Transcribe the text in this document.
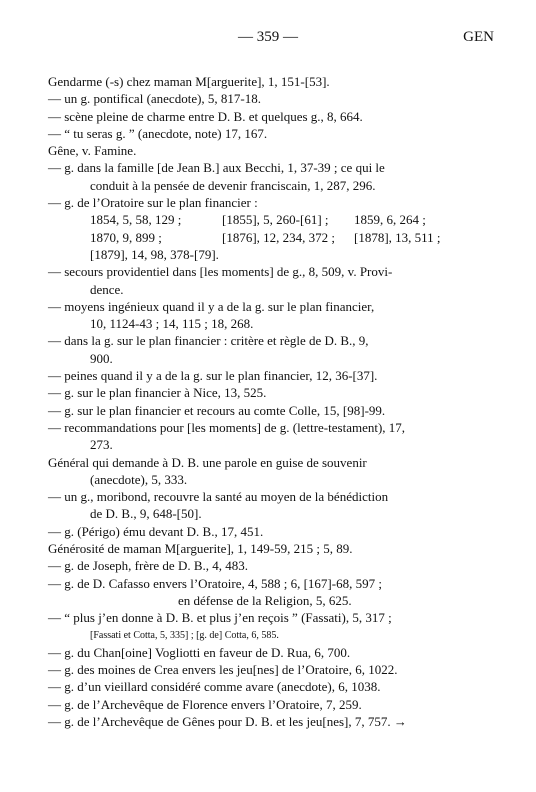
— 359 —	GEN
Gendarme (-s) chez maman M[arguerite], 1, 151-[53].
— un g. pontifical (anecdote), 5, 817-18.
— scène pleine de charme entre D. B. et quelques g., 8, 664.
— “ tu seras g. ” (anecdote, note) 17, 167.
Gêne, v. Famine.
— g. dans la famille [de Jean B.] aux Becchi, 1, 37-39 ; ce qui le
conduit à la pensée de devenir franciscain, 1, 287, 296.
— g. de l’Oratoire sur le plan financier :
1854, 5, 58, 129 ;	[1855], 5, 260-[61] ;	1859, 6, 264 ;
1870, 9, 899 ;	[1876], 12, 234, 372 ;	[1878], 13, 511 ;
[1879], 14, 98, 378-[79].
— secours providentiel dans [les moments] de g., 8, 509, v. Provi-
dence.
— moyens ingénieux quand il y a de la g. sur le plan financier,
10, 1124-43 ; 14, 115 ; 18, 268.
— dans la g. sur le plan financier : critère et règle de D. B., 9,
900.
— peines quand il y a de la g. sur le plan financier, 12, 36-[37].
— g. sur le plan financier à Nice, 13, 525.
— g. sur le plan financier et recours au comte Colle, 15, [98]-99.
— recommandations pour [les moments] de g. (lettre-testament), 17,
273.
Général qui demande à D. B. une parole en guise de souvenir
(anecdote), 5, 333.
— un g., moribond, recouvre la santé au moyen de la bénédiction
de D. B., 9, 648-[50].
— g. (Périgo) ému devant D. B., 17, 451.
Générosité de maman M[arguerite], 1, 149-59, 215 ; 5, 89.
— g. de Joseph, frère de D. B., 4, 483.
— g. de D. Cafasso envers l’Oratoire, 4, 588 ; 6, [167]-68, 597 ;
en défense de la Religion, 5, 625.
— “ plus j’en donne à D. B. et plus j’en reçois ” (Fassati), 5, 317 ;
[Fassati et Cotta, 5, 335] ; [g. de] Cotta, 6, 585.
— g. du Chan[oine] Vogliotti en faveur de D. Rua, 6, 700.
— g. des moines de Crea envers les jeu[nes] de l’Oratoire, 6, 1022.
— g. d’un vieillard considéré comme avare (anecdote), 6, 1038.
— g. de l’Archevêque de Florence envers l’Oratoire, 7, 259.
— g. de l’Archevêque de Gênes pour D. B. et les jeu[nes], 7, 757. →
